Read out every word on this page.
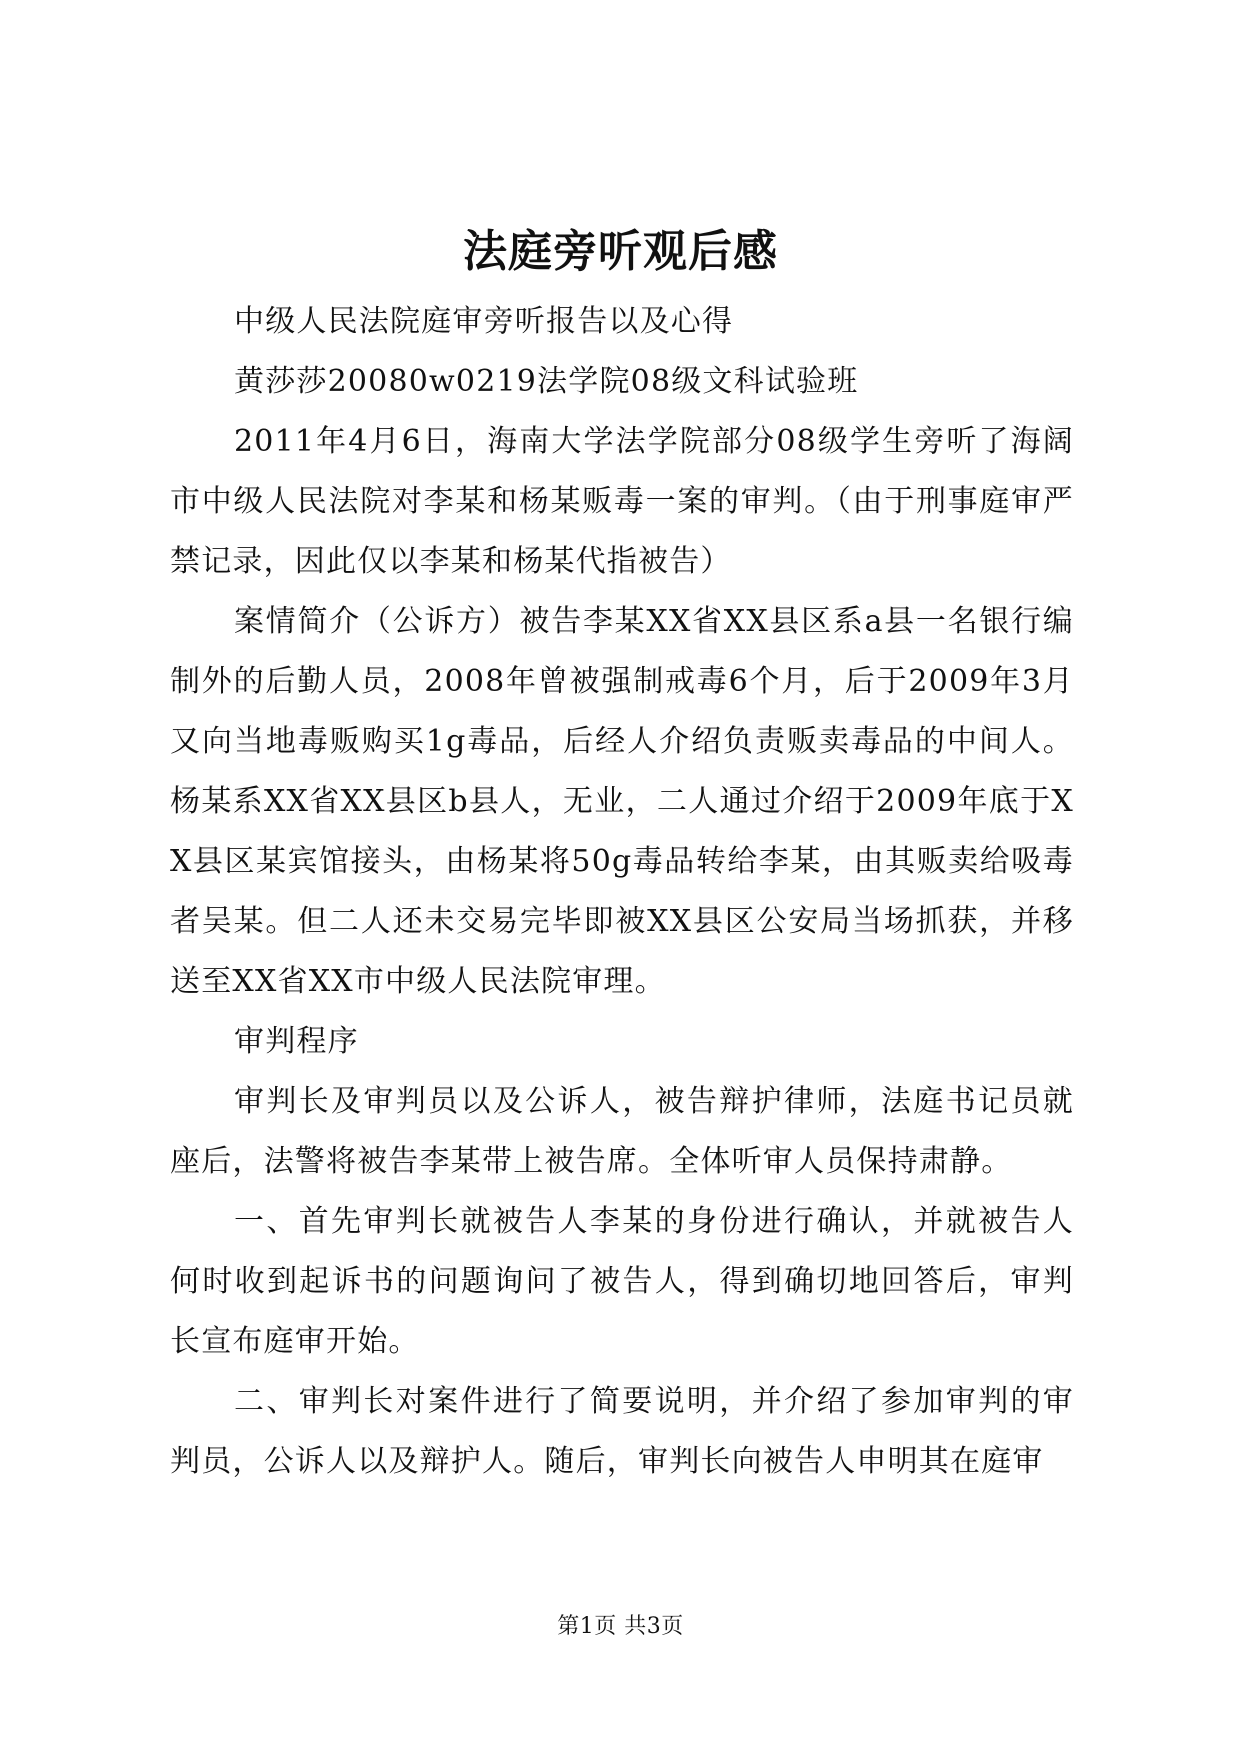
法庭旁听观后感

中级人民法院庭审旁听报告以及心得

黄莎莎20080w0219法学院08级文科试验班

2011年4月6日，海南大学法学院部分08级学生旁听了海阔市中级人民法院对李某和杨某贩毒一案的审判。（由于刑事庭审严禁记录，因此仅以李某和杨某代指被告）

案情简介（公诉方）被告李某XX省XX县区系a县一名银行编制外的后勤人员，2008年曾被强制戒毒6个月，后于2009年3月又向当地毒贩购买1g毒品，后经人介绍负责贩卖毒品的中间人。杨某系XX省XX县区b县人，无业，二人通过介绍于2009年底于XX县区某宾馆接头，由杨某将50g毒品转给李某，由其贩卖给吸毒者吴某。但二人还未交易完毕即被XX县区公安局当场抓获，并移送至XX省XX市中级人民法院审理。

审判程序

审判长及审判员以及公诉人，被告辩护律师，法庭书记员就座后，法警将被告李某带上被告席。全体听审人员保持肃静。

一、首先审判长就被告人李某的身份进行确认，并就被告人何时收到起诉书的问题询问了被告人，得到确切地回答后，审判长宣布庭审开始。

二、审判长对案件进行了简要说明，并介绍了参加审判的审判员，公诉人以及辩护人。随后，审判长向被告人申明其在庭审

第1页 共3页
